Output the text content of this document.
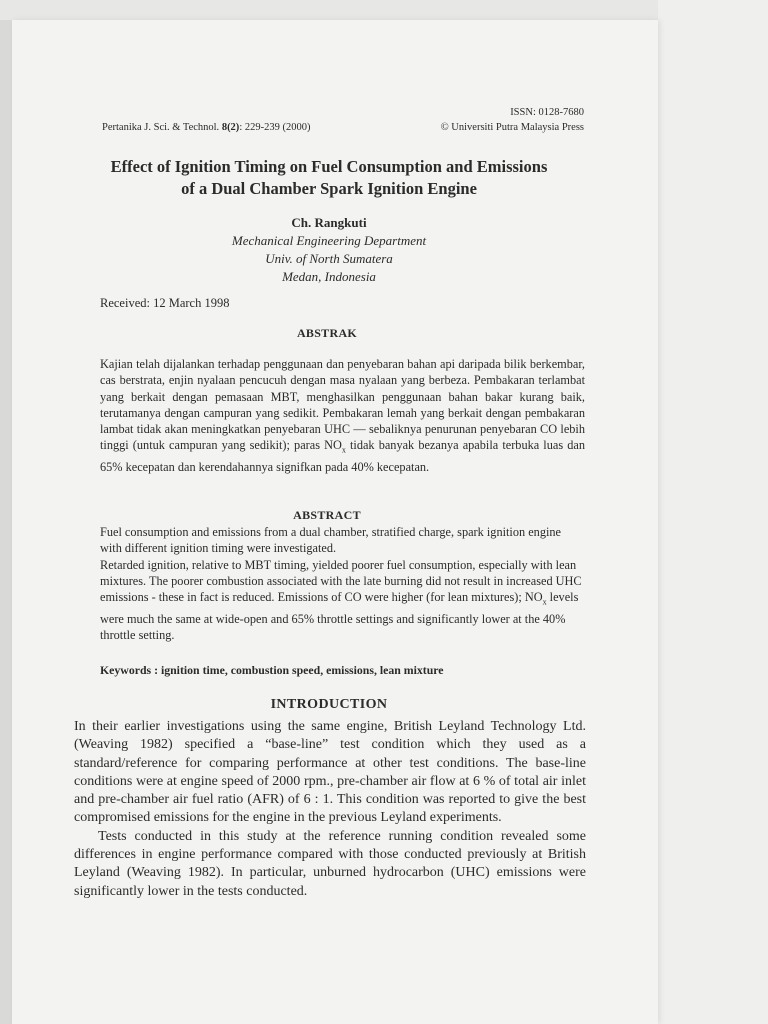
Pertanika J. Sci. & Technol. 8(2): 229-239 (2000)
ISSN: 0128-7680
© Universiti Putra Malaysia Press
Effect of Ignition Timing on Fuel Consumption and Emissions
of a Dual Chamber Spark Ignition Engine
Ch. Rangkuti
Mechanical Engineering Department
Univ. of North Sumatera
Medan, Indonesia
Received: 12 March 1998
ABSTRAK
Kajian telah dijalankan terhadap penggunaan dan penyebaran bahan api daripada bilik berkembar, cas berstrata, enjin nyalaan pencucuh dengan masa nyalaan yang berbeza. Pembakaran terlambat yang berkait dengan pemasaan MBT, menghasilkan penggunaan bahan bakar kurang baik, terutamanya dengan campuran yang sedikit. Pembakaran lemah yang berkait dengan pembakaran lambat tidak akan meningkatkan penyebaran UHC — sebaliknya penurunan penyebaran CO lebih tinggi (untuk campuran yang sedikit); paras $NO_x$ tidak banyak bezanya apabila terbuka luas dan 65% kecepatan dan kerendahannya signifkan pada 40% kecepatan.
ABSTRACT
Fuel consumption and emissions from a dual chamber, stratified charge, spark ignition engine with different ignition timing were investigated.
Retarded ignition, relative to MBT timing, yielded poorer fuel consumption, especially with lean mixtures. The poorer combustion associated with the late burning did not result in increased UHC emissions - these in fact is reduced. Emissions of CO were higher (for lean mixtures); $NO_x$ levels were much the same at wide-open and 65% throttle settings and significantly lower at the 40% throttle setting.
Keywords : ignition time, combustion speed, emissions, lean mixture
INTRODUCTION

In their earlier investigations using the same engine, British Leyland Technology Ltd. (Weaving 1982) specified a “base-line” test condition which they used as a standard/reference for comparing performance at other test conditions. The base-line conditions were at engine speed of 2000 rpm., pre-chamber air flow at 6 % of total air inlet and pre-chamber air fuel ratio (AFR) of 6 : 1. This condition was reported to give the best compromised emissions for the engine in the previous Leyland experiments.

Tests conducted in this study at the reference running condition revealed some differences in engine performance compared with those conducted previously at British Leyland (Weaving 1982). In particular, unburned hydrocarbon (UHC) emissions were significantly lower in the tests conducted.
